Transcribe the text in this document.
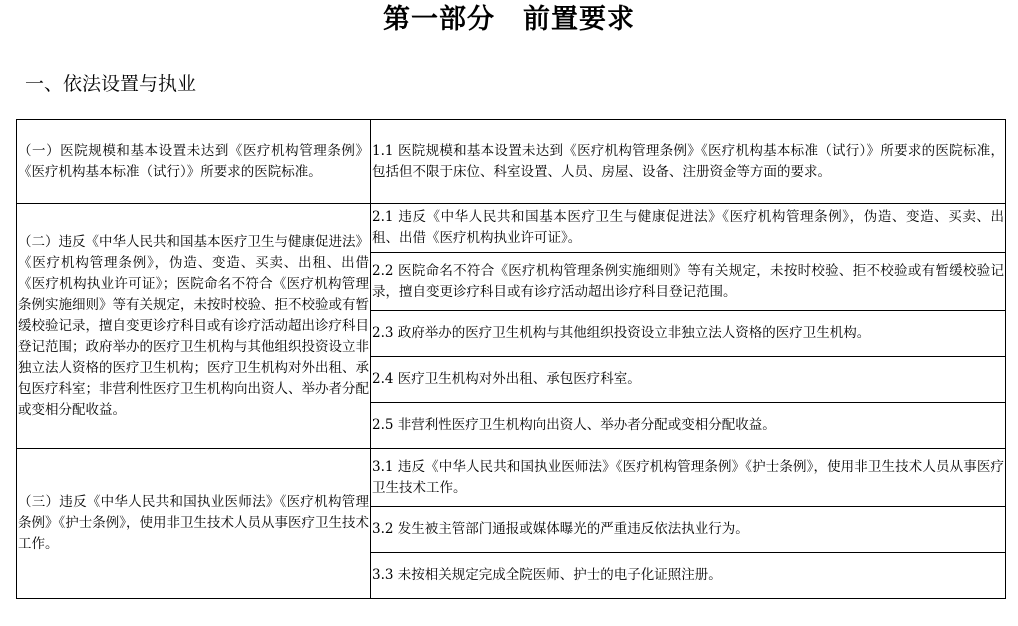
第一部分　前置要求
一、依法设置与执业
（一）医院规模和基本设置未达到《医疗机构管理条例》《医疗机构基本标准（试行）》所要求的医院标准。	1.1 医院规模和基本设置未达到《医疗机构管理条例》《医疗机构基本标准（试行）》所要求的医院标准，包括但不限于床位、科室设置、人员、房屋、设备、注册资金等方面的要求。
（二）违反《中华人民共和国基本医疗卫生与健康促进法》《医疗机构管理条例》，伪造、变造、买卖、出租、出借《医疗机构执业许可证》；医院命名不符合《医疗机构管理条例实施细则》等有关规定，未按时校验、拒不校验或有暂缓校验记录，擅自变更诊疗科目或有诊疗活动超出诊疗科目登记范围；政府举办的医疗卫生机构与其他组织投资设立非独立法人资格的医疗卫生机构；医疗卫生机构对外出租、承包医疗科室；非营利性医疗卫生机构向出资人、举办者分配或变相分配收益。	2.1 违反《中华人民共和国基本医疗卫生与健康促进法》《医疗机构管理条例》，伪造、变造、买卖、出租、出借《医疗机构执业许可证》。
	2.2 医院命名不符合《医疗机构管理条例实施细则》等有关规定，未按时校验、拒不校验或有暂缓校验记录，擅自变更诊疗科目或有诊疗活动超出诊疗科目登记范围。
	2.3 政府举办的医疗卫生机构与其他组织投资设立非独立法人资格的医疗卫生机构。
	2.4 医疗卫生机构对外出租、承包医疗科室。
	2.5 非营利性医疗卫生机构向出资人、举办者分配或变相分配收益。
（三）违反《中华人民共和国执业医师法》《医疗机构管理条例》《护士条例》，使用非卫生技术人员从事医疗卫生技术工作。	3.1 违反《中华人民共和国执业医师法》《医疗机构管理条例》《护士条例》，使用非卫生技术人员从事医疗卫生技术工作。
	3.2 发生被主管部门通报或媒体曝光的严重违反依法执业行为。
	3.3 未按相关规定完成全院医师、护士的电子化证照注册。
